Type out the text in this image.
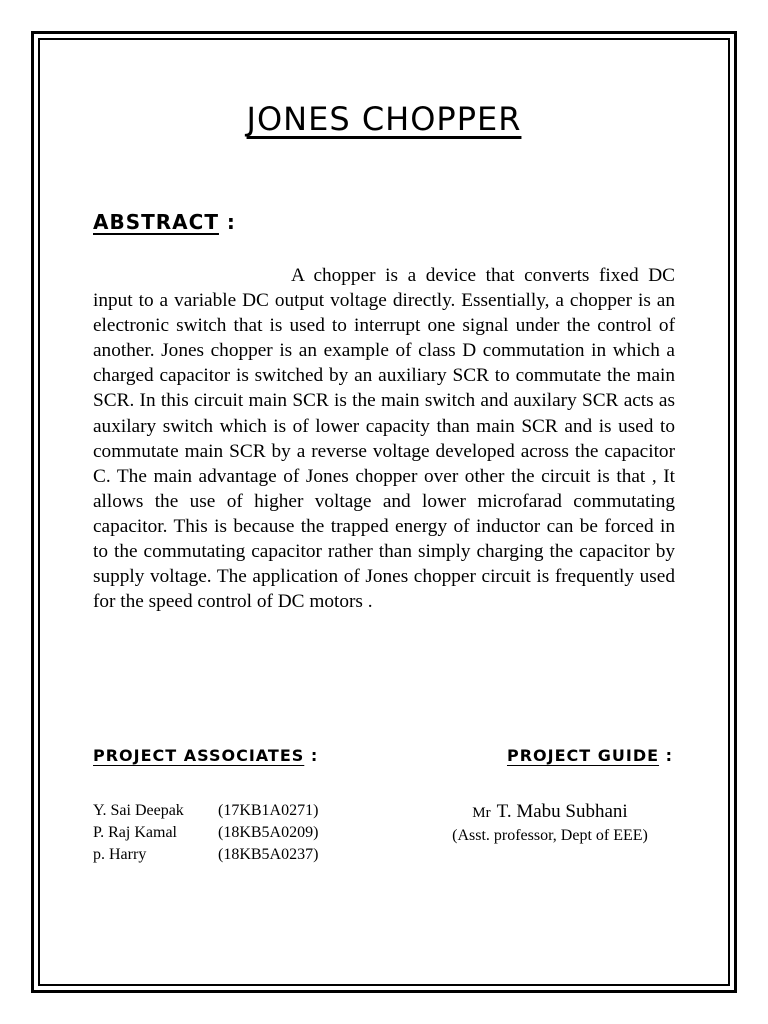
JONES CHOPPER
ABSTRACT :
A chopper is a device that converts fixed DC input to a variable DC output voltage directly. Essentially, a chopper is an electronic switch that is used to interrupt one signal under the control of another. Jones chopper is an example of class D commutation in which a charged capacitor is switched by an auxiliary SCR to commutate the main SCR. In this circuit main SCR is the main switch and auxilary SCR acts as auxilary switch which is of lower capacity than main SCR and is used to commutate main SCR by a reverse voltage developed across the capacitor C. The main advantage of Jones chopper over other the circuit is that , It allows the use of higher voltage and lower microfarad commutating capacitor. This is because the trapped energy of inductor can be forced in to the commutating capacitor rather than simply charging the capacitor by supply voltage. The application of Jones chopper circuit is frequently used for the speed control of DC motors .
PROJECT ASSOCIATES :	PROJECT GUIDE :
Y. Sai Deepak	(17KB1A0271)
P. Raj Kamal	(18KB5A0209)
p. Harry	(18KB5A0237)
Mr T. Mabu Subhani
(Asst. professor, Dept of EEE)
